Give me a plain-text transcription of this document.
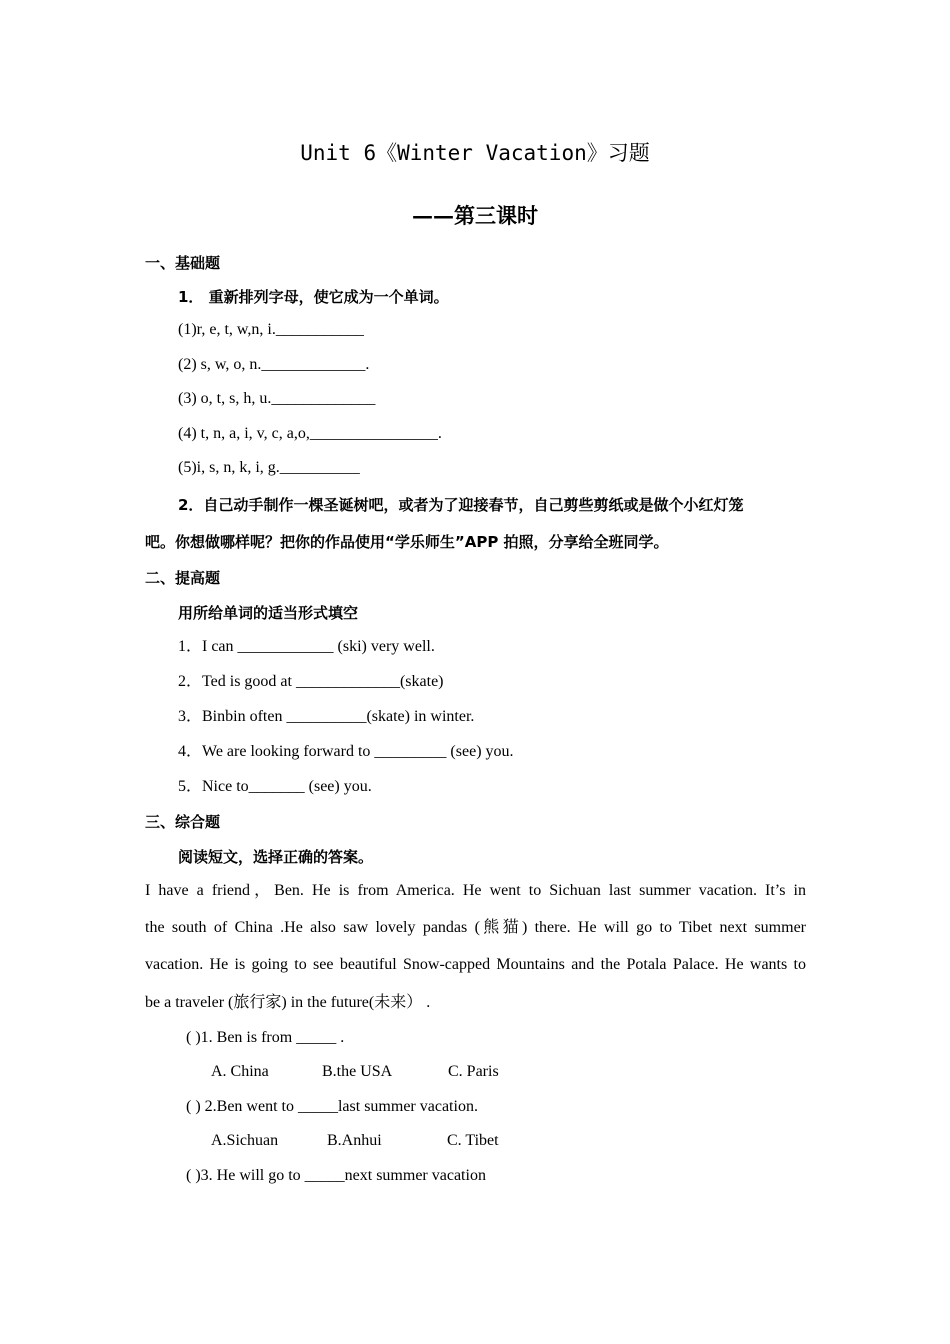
Unit 6《Winter Vacation》习题
——第三课时
一、基础题
1． 重新排列字母，使它成为一个单词。
(1)r, e, t, w,n, i.___________
(2) s, w, o, n._____________.
(3) o, t, s, h, u._____________
(4) t, n, a, i, v, c, a,o,________________.
(5)i, s, n, k, i, g.__________
2．自己动手制作一棵圣诞树吧，或者为了迎接春节，自己剪些剪纸或是做个小红灯笼
吧。你想做哪样呢？把你的作品使用“学乐师生”APP 拍照，分享给全班同学。
二、提高题
用所给单词的适当形式填空
1．I can ____________ (ski) very well.
2．Ted is good at _____________(skate)
3．Binbin often __________(skate) in winter.
4．We are looking forward to _________ (see) you.
5．Nice to_______ (see) you.
三、综合题
阅读短文，选择正确的答案。
I have a friend，Ben. He is from America. He went to Sichuan last summer vacation. It’s in
the south of China .He also saw lovely pandas (熊猫) there. He will go to Tibet next summer
vacation. He is going to see beautiful Snow-capped Mountains and the Potala Palace. He wants to
be a traveler (旅行家) in the future(未来） .
( )1. Ben is from _____ .
A. China	B.the USA	C. Paris
( ) 2.Ben went to _____last summer vacation.
A.Sichuan	B.Anhui	C. Tibet
( )3. He will go to _____next summer vacation
